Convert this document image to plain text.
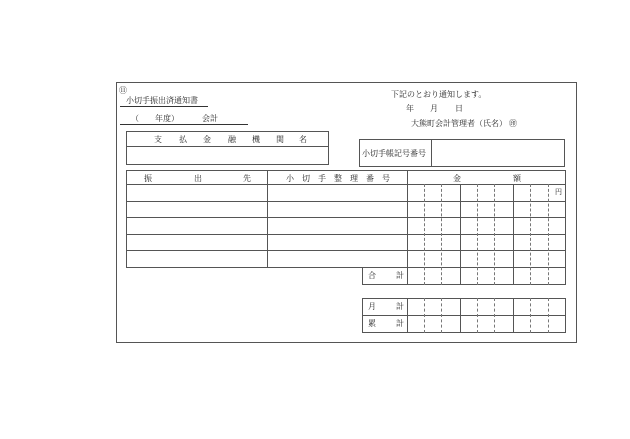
⑪
小切手振出済通知書
（　　年度）	会計
下記のとおり通知します。
年 月 日
大熊町会計管理者（氏名） ㊞
支 払 金 融 機 関 名
小切手帳記号番号
振	出	先	小 切 手 整 理 番 号	金	額
円
合	計
月	計
累	計
